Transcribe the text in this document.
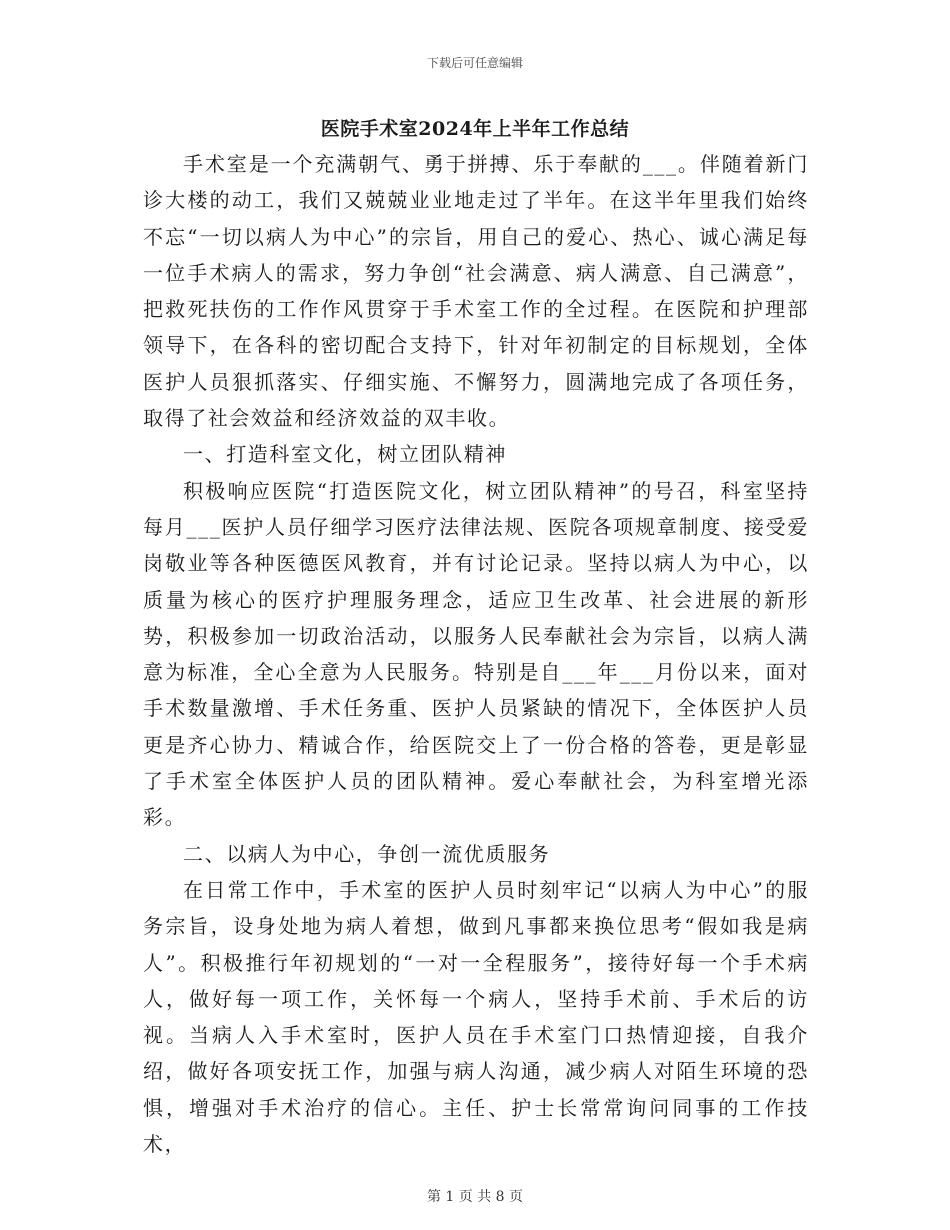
下载后可任意编辑
医院手术室2024年上半年工作总结

手术室是一个充满朝气、勇于拼搏、乐于奉献的___。伴随着新门诊大楼的动工，我们又兢兢业业地走过了半年。在这半年里我们始终不忘“一切以病人为中心”的宗旨，用自己的爱心、热心、诚心满足每一位手术病人的需求，努力争创“社会满意、病人满意、自己满意”，把救死扶伤的工作作风贯穿于手术室工作的全过程。在医院和护理部领导下，在各科的密切配合支持下，针对年初制定的目标规划，全体医护人员狠抓落实、仔细实施、不懈努力，圆满地完成了各项任务，取得了社会效益和经济效益的双丰收。

一、打造科室文化，树立团队精神

积极响应医院“打造医院文化，树立团队精神”的号召，科室坚持每月___医护人员仔细学习医疗法律法规、医院各项规章制度、接受爱岗敬业等各种医德医风教育，并有讨论记录。坚持以病人为中心，以质量为核心的医疗护理服务理念，适应卫生改革、社会进展的新形势，积极参加一切政治活动，以服务人民奉献社会为宗旨，以病人满意为标准，全心全意为人民服务。特别是自___年___月份以来，面对手术数量激增、手术任务重、医护人员紧缺的情况下，全体医护人员更是齐心协力、精诚合作，给医院交上了一份合格的答卷，更是彰显了手术室全体医护人员的团队精神。爱心奉献社会，为科室增光添彩。

二、以病人为中心，争创一流优质服务

在日常工作中，手术室的医护人员时刻牢记“以病人为中心”的服务宗旨，设身处地为病人着想，做到凡事都来换位思考“假如我是病人”。积极推行年初规划的“一对一全程服务”，接待好每一个手术病人，做好每一项工作，关怀每一个病人，坚持手术前、手术后的访视。当病人入手术室时，医护人员在手术室门口热情迎接，自我介绍，做好各项安抚工作，加强与病人沟通，减少病人对陌生环境的恐惧，增强对手术治疗的信心。主任、护士长常常询问同事的工作技术，

第 1 页 共 8 页
